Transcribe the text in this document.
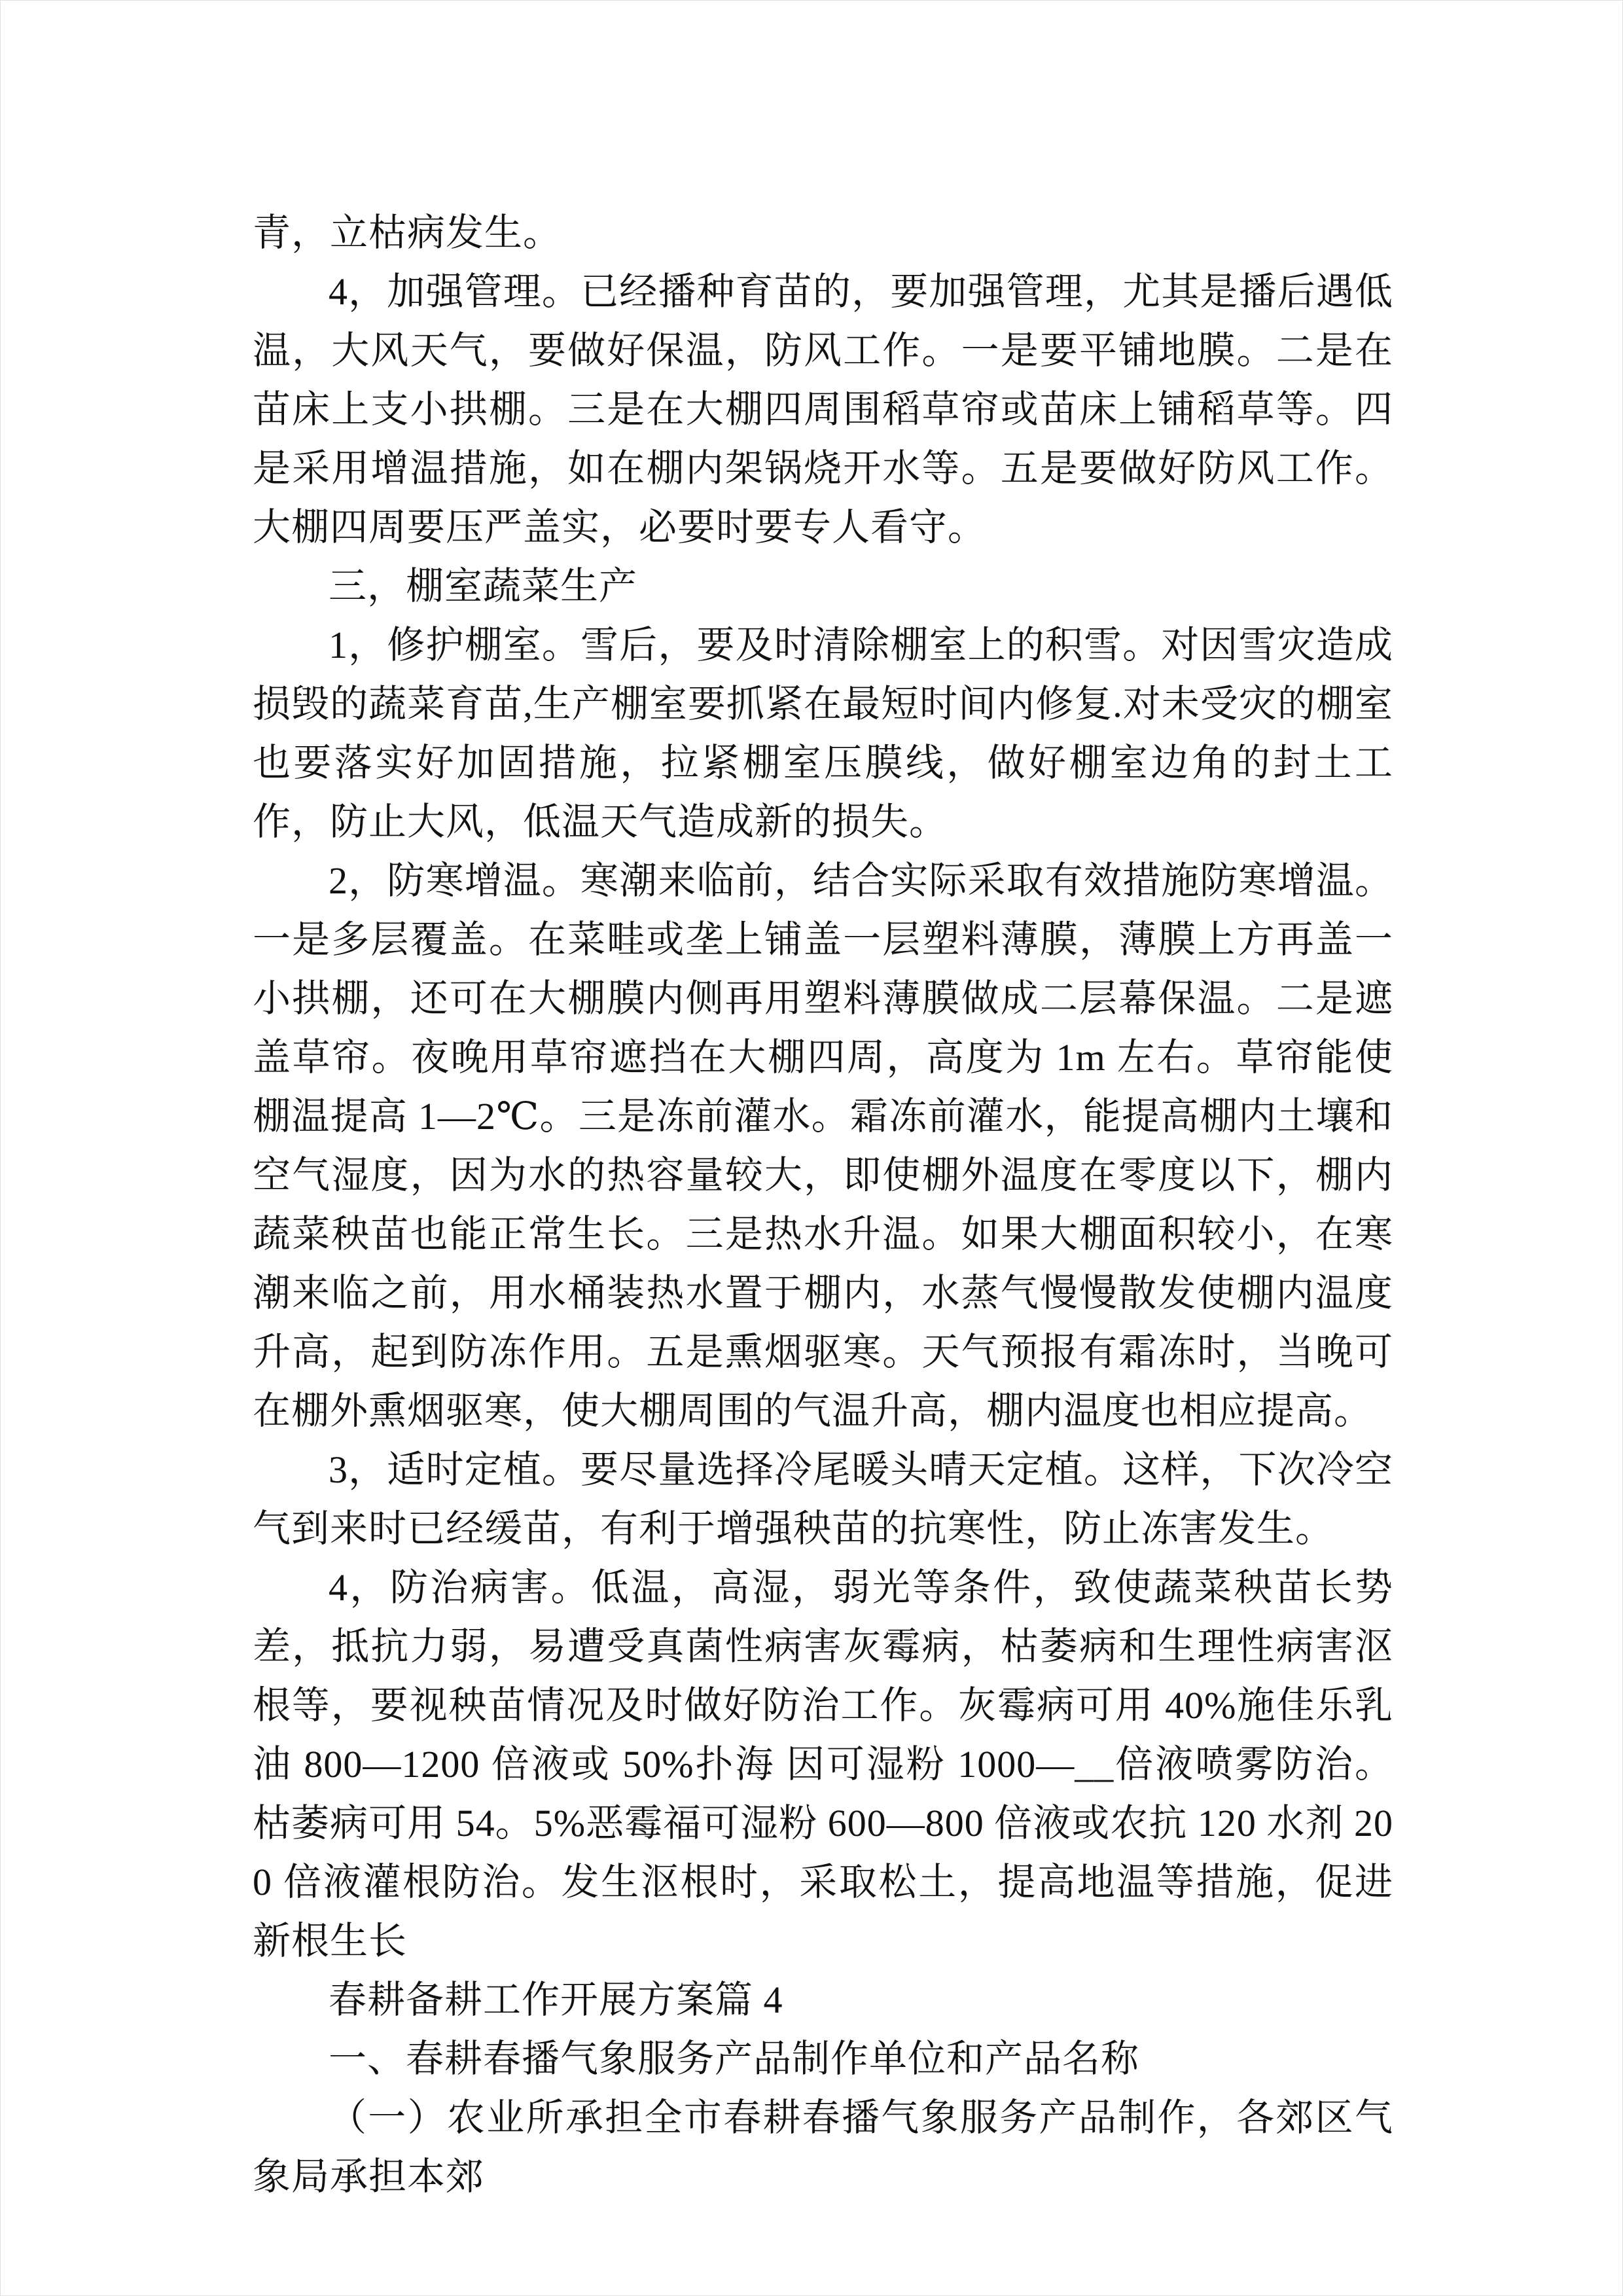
青，立枯病发生。

4，加强管理。已经播种育苗的，要加强管理，尤其是播后遇低温，大风天气，要做好保温，防风工作。一是要平铺地膜。二是在苗床上支小拱棚。三是在大棚四周围稻草帘或苗床上铺稻草等。四是采用增温措施，如在棚内架锅烧开水等。五是要做好防风工作。大棚四周要压严盖实，必要时要专人看守。

三，棚室蔬菜生产

1，修护棚室。雪后，要及时清除棚室上的积雪。对因雪灾造成损毁的蔬菜育苗,生产棚室要抓紧在最短时间内修复.对未受灾的棚室也要落实好加固措施，拉紧棚室压膜线，做好棚室边角的封土工作，防止大风，低温天气造成新的损失。

2，防寒增温。寒潮来临前，结合实际采取有效措施防寒增温。一是多层覆盖。在菜畦或垄上铺盖一层塑料薄膜，薄膜上方再盖一小拱棚，还可在大棚膜内侧再用塑料薄膜做成二层幕保温。二是遮盖草帘。夜晚用草帘遮挡在大棚四周，高度为 1m 左右。草帘能使棚温提高 1—2℃。三是冻前灌水。霜冻前灌水，能提高棚内土壤和空气湿度，因为水的热容量较大，即使棚外温度在零度以下，棚内蔬菜秧苗也能正常生长。三是热水升温。如果大棚面积较小，在寒潮来临之前，用水桶装热水置于棚内，水蒸气慢慢散发使棚内温度升高，起到防冻作用。五是熏烟驱寒。天气预报有霜冻时，当晚可在棚外熏烟驱寒，使大棚周围的气温升高，棚内温度也相应提高。

3，适时定植。要尽量选择冷尾暖头晴天定植。这样，下次冷空气到来时已经缓苗，有利于增强秧苗的抗寒性，防止冻害发生。

4，防治病害。低温，高湿，弱光等条件，致使蔬菜秧苗长势差，抵抗力弱，易遭受真菌性病害灰霉病，枯萎病和生理性病害沤根等，要视秧苗情况及时做好防治工作。灰霉病可用 40%施佳乐乳油 800—1200 倍液或 50%扑海 因可湿粉 1000—__倍液喷雾防治。枯萎病可用 54。5%恶霉福可湿粉 600—800 倍液或农抗 120 水剂 200 倍液灌根防治。发生沤根时，采取松土，提高地温等措施，促进新根生长

春耕备耕工作开展方案篇 4

一、春耕春播气象服务产品制作单位和产品名称

（一）农业所承担全市春耕春播气象服务产品制作，各郊区气象局承担本郊
